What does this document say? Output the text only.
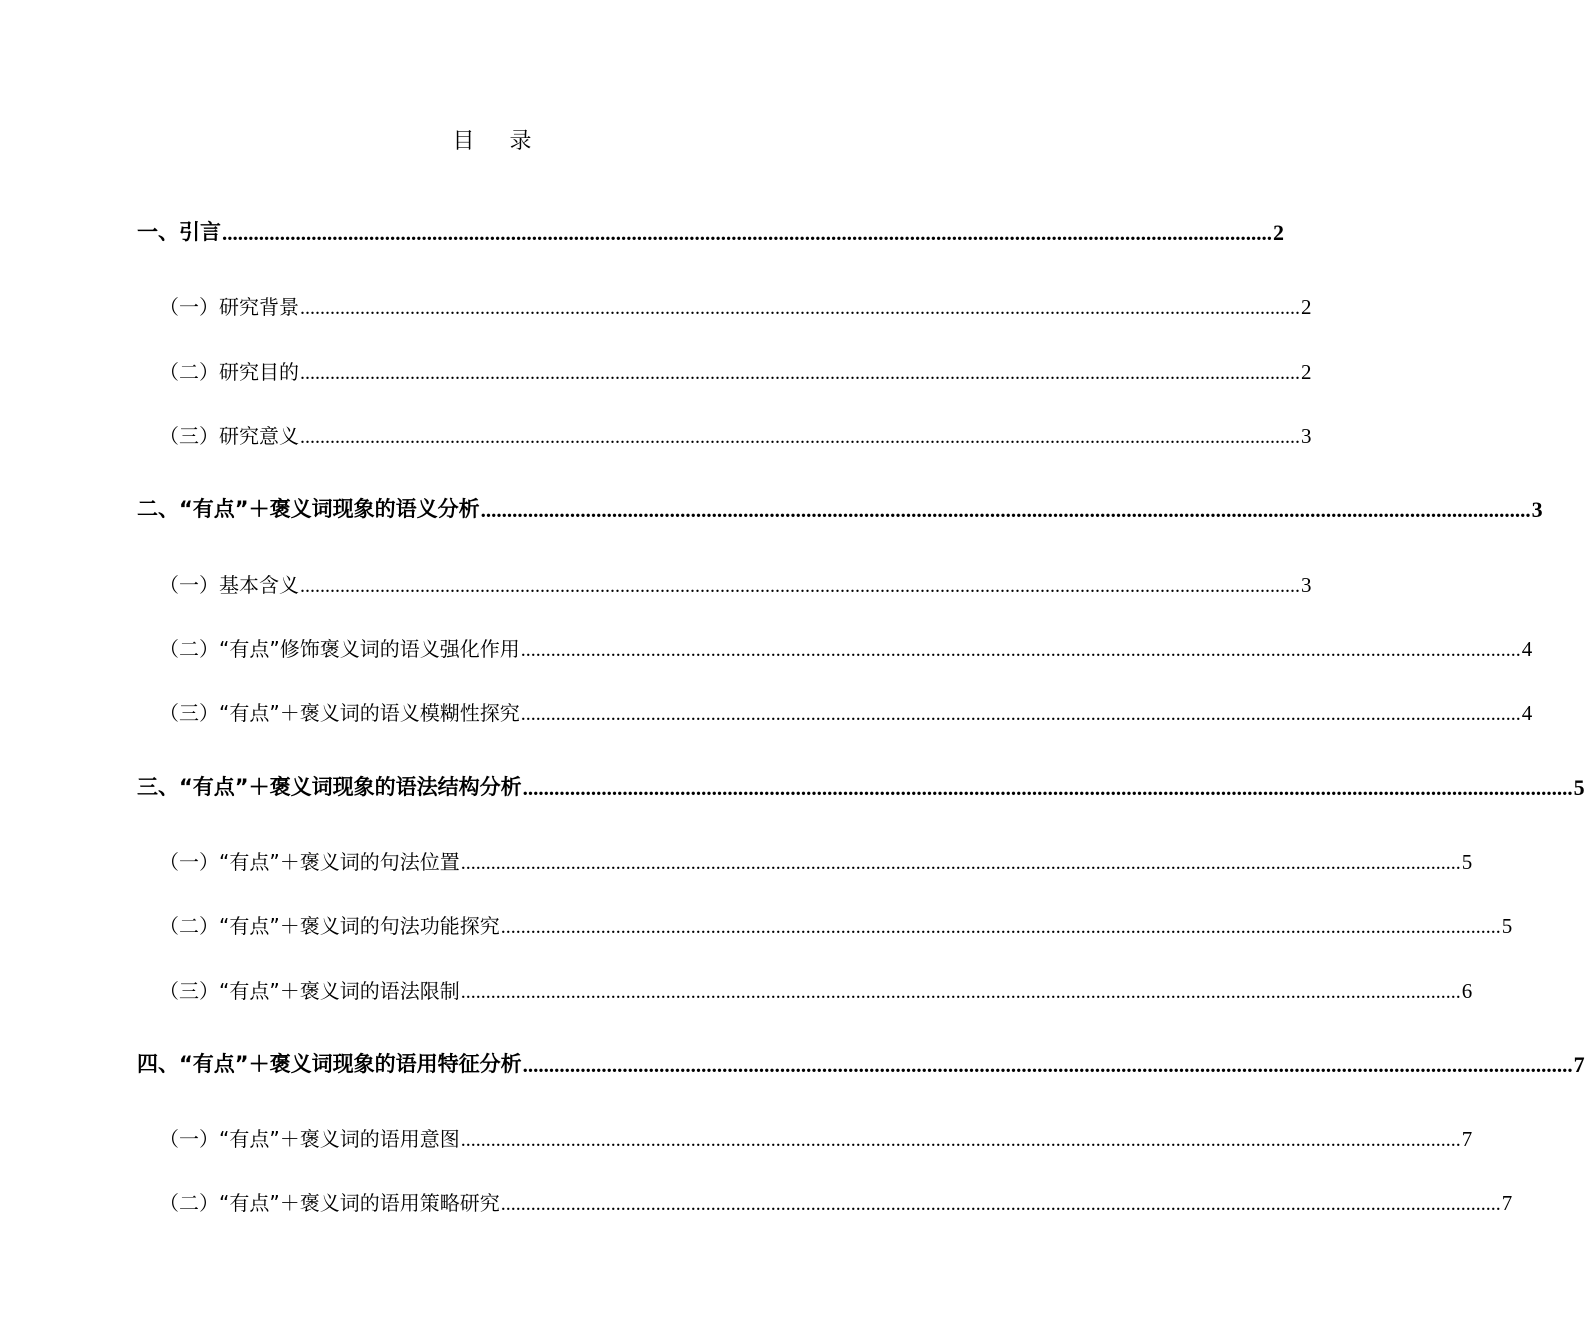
目 录
一、引言 ........................................................................................................................................................................................................ 2
（一）研究背景 ........................................................................................................................................................................................................ 2
（二）研究目的 ........................................................................................................................................................................................................ 2
（三）研究意义 ........................................................................................................................................................................................................ 3
二、“有点”＋褒义词现象的语义分析 ........................................................................................................................................................................................................ 3
（一）基本含义 ........................................................................................................................................................................................................ 3
（二）“有点”修饰褒义词的语义强化作用 ........................................................................................................................................................................................................ 4
（三）“有点”＋褒义词的语义模糊性探究 ........................................................................................................................................................................................................ 4
三、“有点”＋褒义词现象的语法结构分析 ........................................................................................................................................................................................................ 5
（一）“有点”＋褒义词的句法位置 ........................................................................................................................................................................................................ 5
（二）“有点”＋褒义词的句法功能探究 ........................................................................................................................................................................................................ 5
（三）“有点”＋褒义词的语法限制 ........................................................................................................................................................................................................ 6
四、“有点”＋褒义词现象的语用特征分析 ........................................................................................................................................................................................................ 7
（一）“有点”＋褒义词的语用意图 ........................................................................................................................................................................................................ 7
（二）“有点”＋褒义词的语用策略研究 ........................................................................................................................................................................................................ 7
